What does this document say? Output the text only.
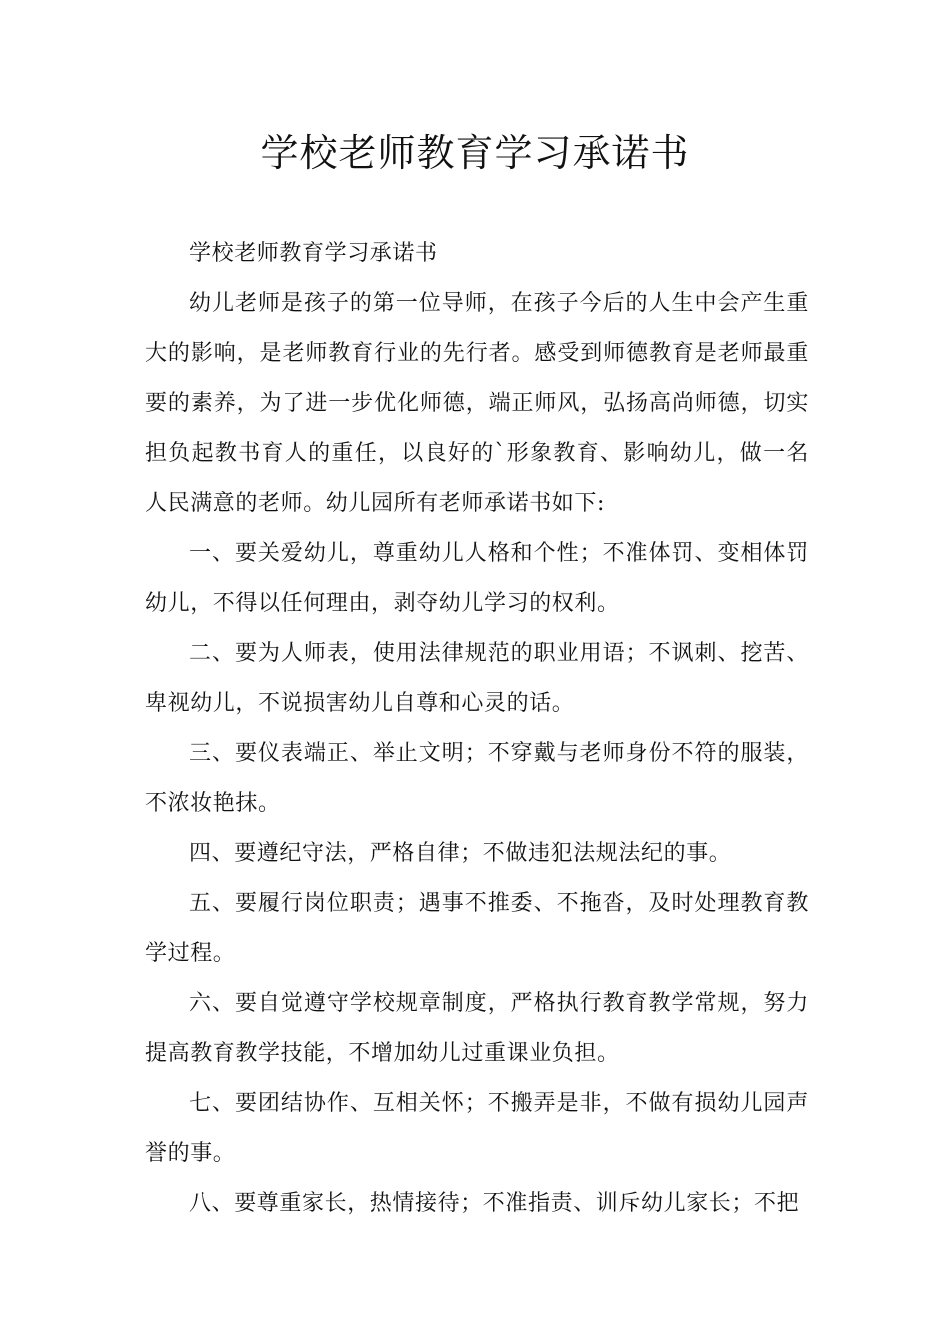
学校老师教育学习承诺书

学校老师教育学习承诺书

幼儿老师是孩子的第一位导师，在孩子今后的人生中会产生重大的影响，是老师教育行业的先行者。感受到师德教育是老师最重要的素养，为了进一步优化师德，端正师风，弘扬高尚师德，切实担负起教书育人的重任，以良好的`形象教育、影响幼儿，做一名人民满意的老师。幼儿园所有老师承诺书如下:

一、要关爱幼儿，尊重幼儿人格和个性；不准体罚、变相体罚幼儿，不得以任何理由，剥夺幼儿学习的权利。

二、要为人师表，使用法律规范的职业用语；不讽刺、挖苦、卑视幼儿，不说损害幼儿自尊和心灵的话。

三、要仪表端正、举止文明；不穿戴与老师身份不符的服装，不浓妆艳抹。

四、要遵纪守法，严格自律；不做违犯法规法纪的事。

五、要履行岗位职责；遇事不推委、不拖沓，及时处理教育教学过程。

六、要自觉遵守学校规章制度，严格执行教育教学常规，努力提高教育教学技能，不增加幼儿过重课业负担。

七、要团结协作、互相关怀；不搬弄是非，不做有损幼儿园声誉的事。

八、要尊重家长，热情接待；不准指责、训斥幼儿家长；不把
